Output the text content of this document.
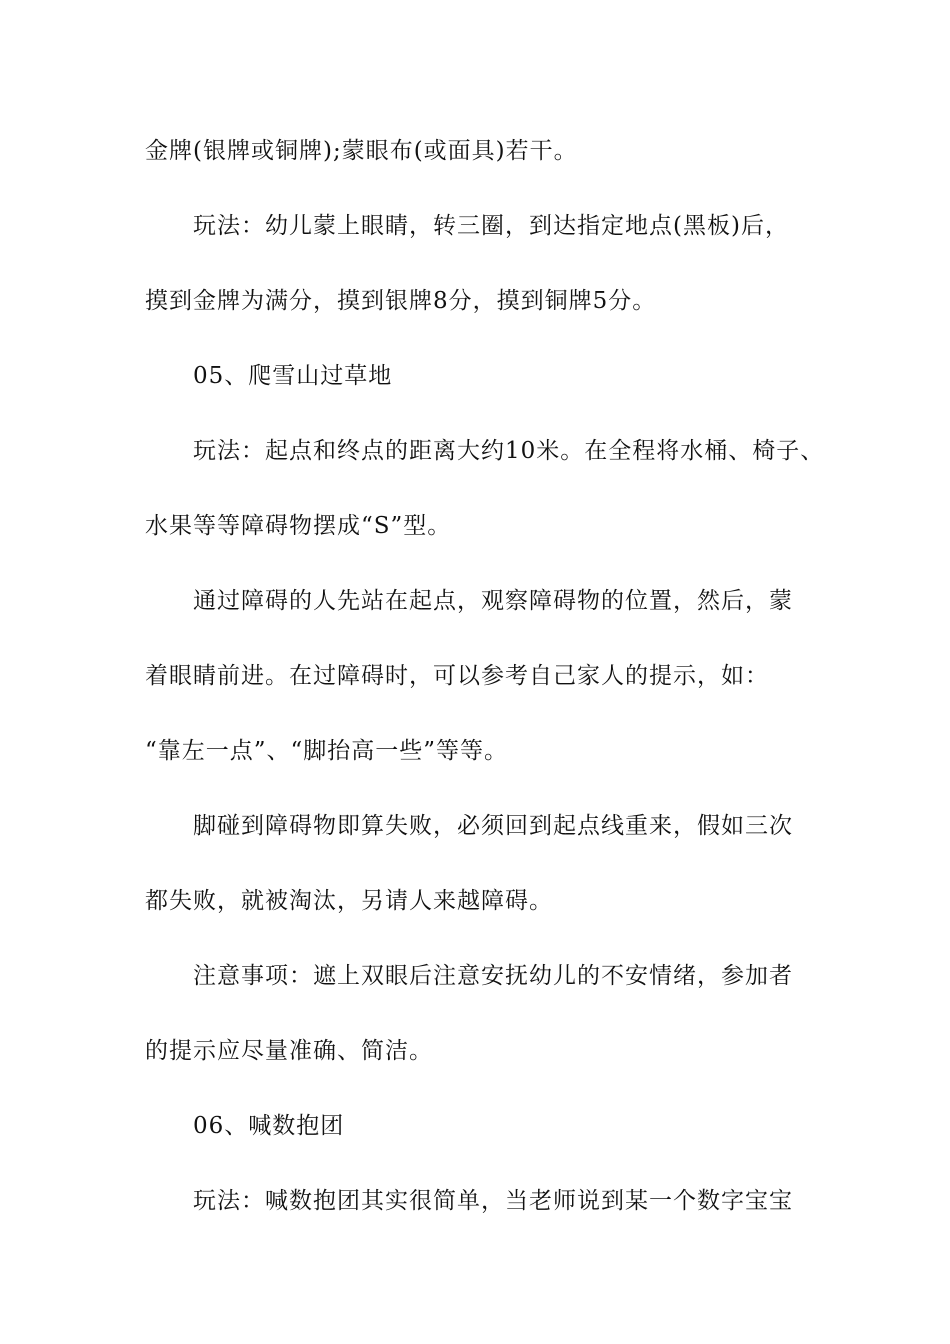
金牌(银牌或铜牌);蒙眼布(或面具)若干。
玩法：幼儿蒙上眼睛，转三圈，到达指定地点(黑板)后，
摸到金牌为满分，摸到银牌8分，摸到铜牌5分。
05、爬雪山过草地
玩法：起点和终点的距离大约10米。在全程将水桶、椅子、
水果等等障碍物摆成“S”型。
通过障碍的人先站在起点，观察障碍物的位置，然后，蒙
着眼睛前进。在过障碍时，可以参考自己家人的提示，如：
“靠左一点”、“脚抬高一些”等等。
脚碰到障碍物即算失败，必须回到起点线重来，假如三次
都失败，就被淘汰，另请人来越障碍。
注意事项：遮上双眼后注意安抚幼儿的不安情绪，参加者
的提示应尽量准确、简洁。
06、喊数抱团
玩法：喊数抱团其实很简单，当老师说到某一个数字宝宝
